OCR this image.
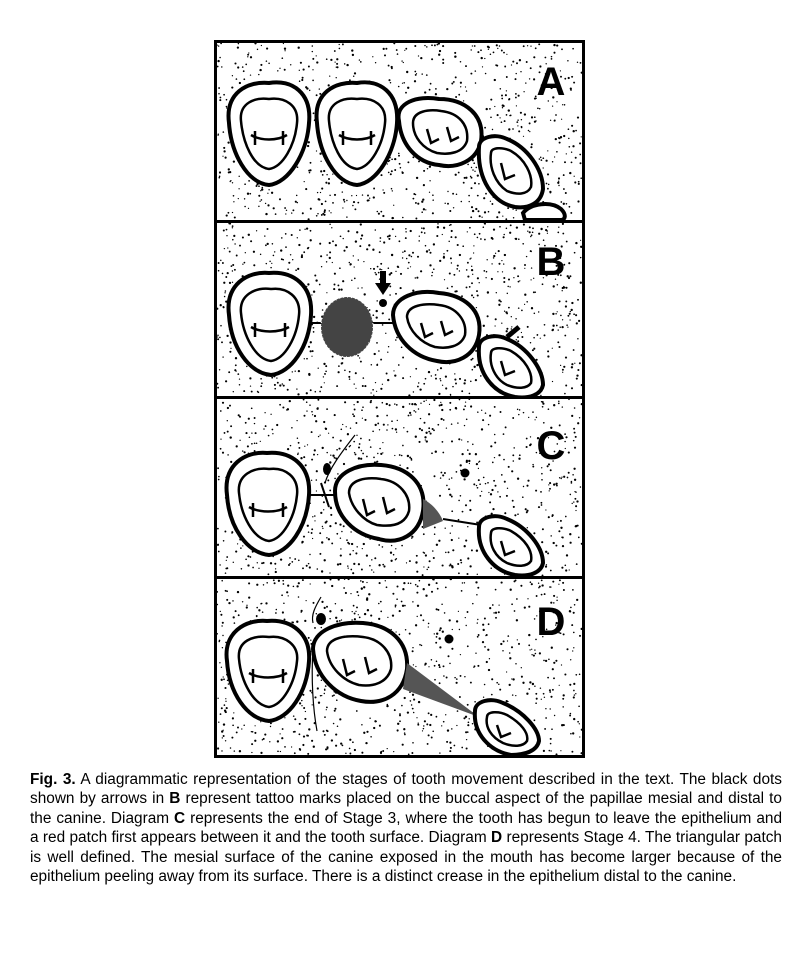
A
B
C
D
Fig. 3. A diagrammatic representation of the stages of tooth movement described in the text. The black dots shown by arrows in B represent tattoo marks placed on the buccal aspect of the papillae mesial and distal to the canine. Diagram C represents the end of Stage 3, where the tooth has begun to leave the epithelium and a red patch first appears between it and the tooth surface. Diagram D represents Stage 4. The triangular patch is well defined. The mesial surface of the canine exposed in the mouth has become larger because of the epithelium peeling away from its surface. There is a distinct crease in the epithelium distal to the canine.
